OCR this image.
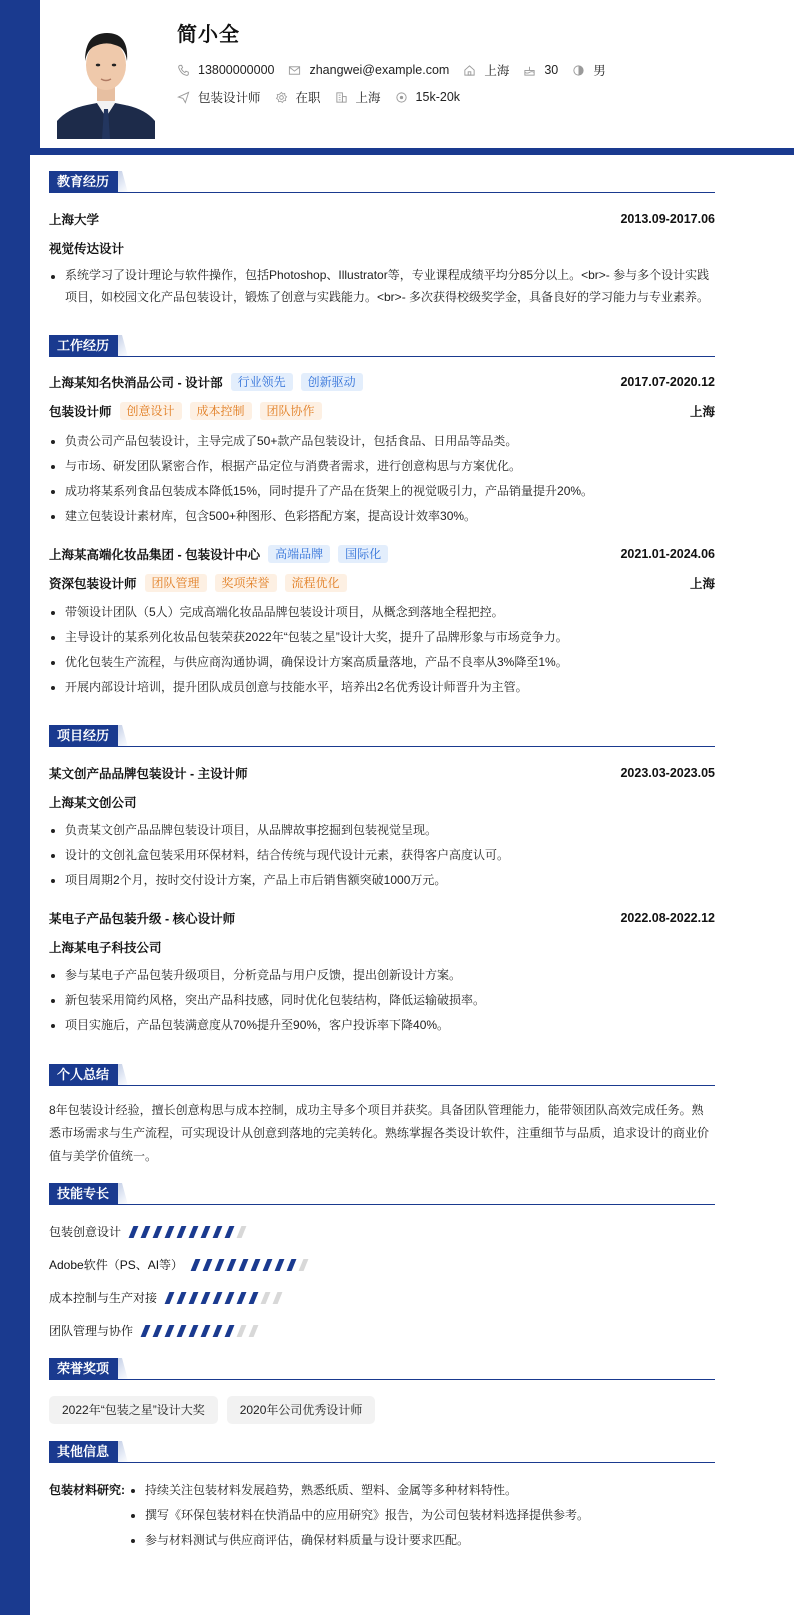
简小全
13800000000	zhangwei@example.com	上海	30	男
包装设计师	在职	上海	15k-20k
教育经历
上海大学	2013.09-2017.06
视觉传达设计
系统学习了设计理论与软件操作，包括Photoshop、Illustrator等，专业课程成绩平均分85分以上。<br>- 参与多个设计实践项目，如校园文化产品包装设计，锻炼了创意与实践能力。<br>- 多次获得校级奖学金，具备良好的学习能力与专业素养。
工作经历
上海某知名快消品公司 - 设计部	行业领先	创新驱动	2017.07-2020.12
包装设计师	创意设计	成本控制	团队协作	上海
负责公司产品包装设计，主导完成了50+款产品包装设计，包括食品、日用品等品类。
与市场、研发团队紧密合作，根据产品定位与消费者需求，进行创意构思与方案优化。
成功将某系列食品包装成本降低15%，同时提升了产品在货架上的视觉吸引力，产品销量提升20%。
建立包装设计素材库，包含500+种图形、色彩搭配方案，提高设计效率30%。
上海某高端化妆品集团 - 包装设计中心	高端品牌	国际化	2021.01-2024.06
资深包装设计师	团队管理	奖项荣誉	流程优化	上海
带领设计团队（5人）完成高端化妆品品牌包装设计项目，从概念到落地全程把控。
主导设计的某系列化妆品包装荣获2022年“包装之星”设计大奖，提升了品牌形象与市场竞争力。
优化包装生产流程，与供应商沟通协调，确保设计方案高质量落地，产品不良率从3%降至1%。
开展内部设计培训，提升团队成员创意与技能水平，培养出2名优秀设计师晋升为主管。
项目经历
某文创产品品牌包装设计 - 主设计师	2023.03-2023.05
上海某文创公司
负责某文创产品品牌包装设计项目，从品牌故事挖掘到包装视觉呈现。
设计的文创礼盒包装采用环保材料，结合传统与现代设计元素，获得客户高度认可。
项目周期2个月，按时交付设计方案，产品上市后销售额突破1000万元。
某电子产品包装升级 - 核心设计师	2022.08-2022.12
上海某电子科技公司
参与某电子产品包装升级项目，分析竞品与用户反馈，提出创新设计方案。
新包装采用简约风格，突出产品科技感，同时优化包装结构，降低运输破损率。
项目实施后，产品包装满意度从70%提升至90%，客户投诉率下降40%。
个人总结
8年包装设计经验，擅长创意构思与成本控制，成功主导多个项目并获奖。具备团队管理能力，能带领团队高效完成任务。熟悉市场需求与生产流程，可实现设计从创意到落地的完美转化。熟练掌握各类设计软件，注重细节与品质，追求设计的商业价值与美学价值统一。
技能专长
包装创意设计
Adobe软件（PS、AI等）
成本控制与生产对接
团队管理与协作
荣誉奖项
2022年“包装之星”设计大奖	2020年公司优秀设计师
其他信息
包装材料研究:	持续关注包装材料发展趋势，熟悉纸质、塑料、金属等多种材料特性。
撰写《环保包装材料在快消品中的应用研究》报告，为公司包装材料选择提供参考。
参与材料测试与供应商评估，确保材料质量与设计要求匹配。
